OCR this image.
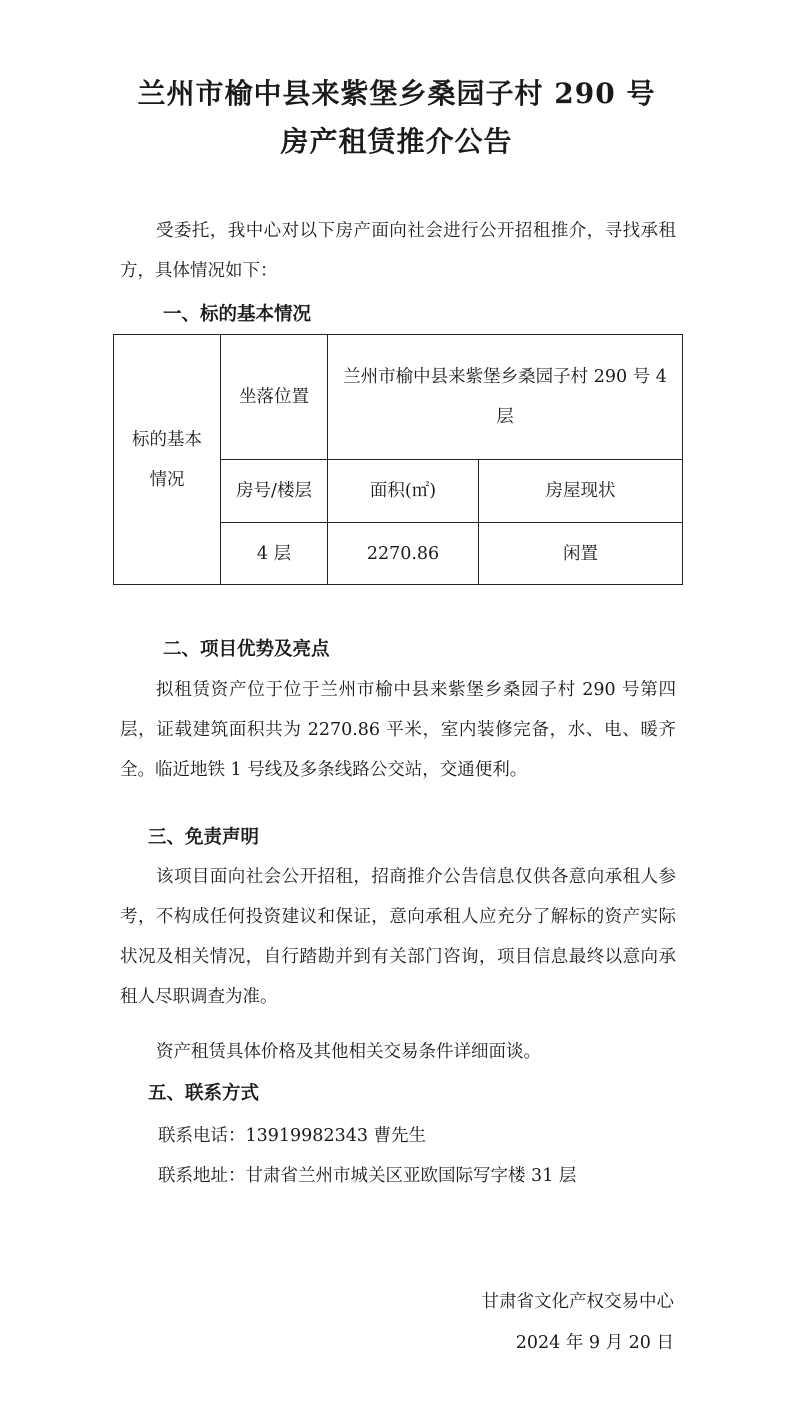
兰州市榆中县来紫堡乡桑园子村 290 号
房产租赁推介公告

受委托，我中心对以下房产面向社会进行公开招租推介，寻找承租方，具体情况如下：

一、标的基本情况
标的基本情况	坐落位置	兰州市榆中县来紫堡乡桑园子村 290 号 4 层	

	房号/楼层	面积(㎡)	房屋现状
	4 层	2270.86	闲置
二、项目优势及亮点

拟租赁资产位于位于兰州市榆中县来紫堡乡桑园子村 290 号第四层，证载建筑面积共为 2270.86 平米，室内装修完备，水、电、暖齐全。临近地铁 1 号线及多条线路公交站，交通便利。

三、免责声明

该项目面向社会公开招租，招商推介公告信息仅供各意向承租人参考，不构成任何投资建议和保证，意向承租人应充分了解标的资产实际状况及相关情况，自行踏勘并到有关部门咨询，项目信息最终以意向承租人尽职调查为准。

资产租赁具体价格及其他相关交易条件详细面谈。

五、联系方式
联系电话：13919982343 曹先生
联系地址：甘肃省兰州市城关区亚欧国际写字楼 31 层
甘肃省文化产权交易中心
2024 年 9 月 20 日
